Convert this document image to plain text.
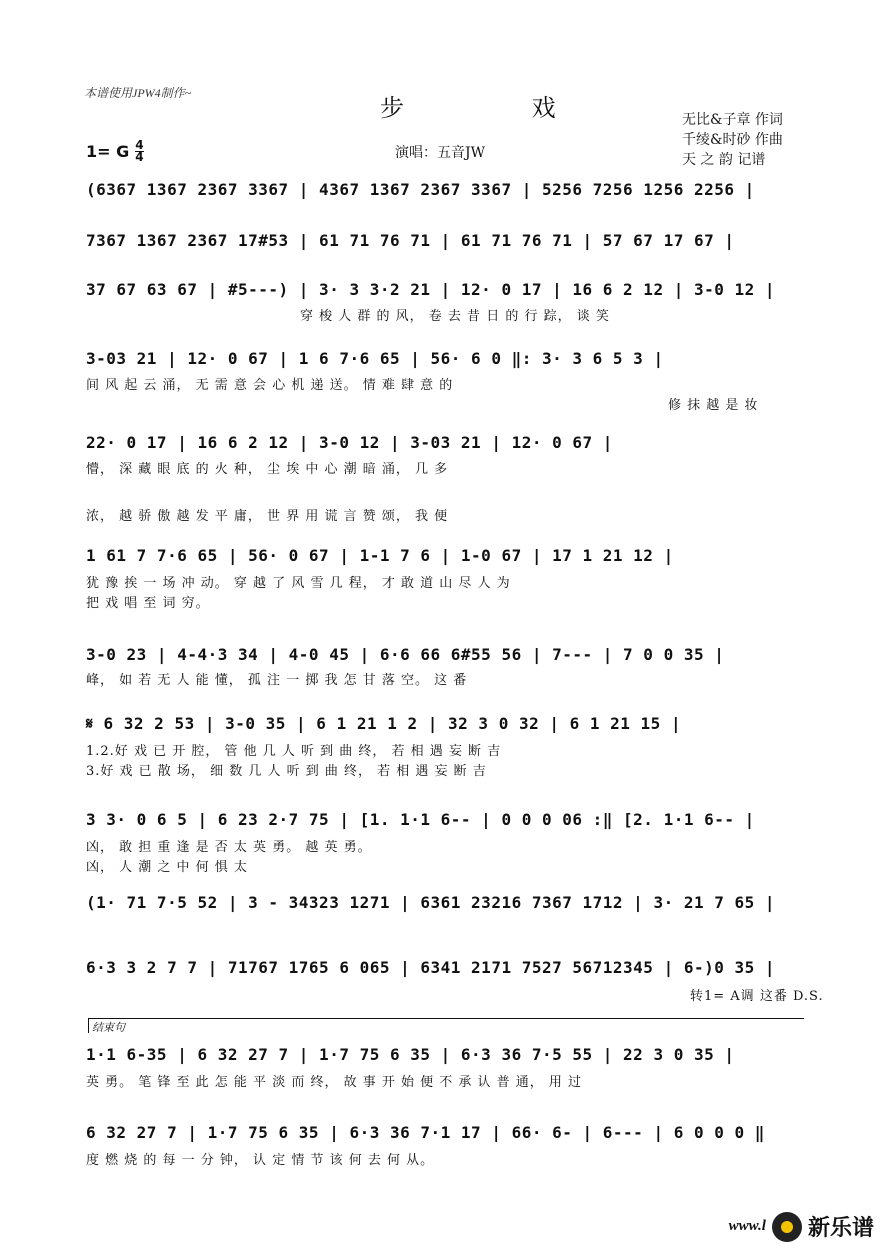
本谱使用JPW4制作~
步 戏	无比&子章 作词
千绫&时砂 作曲
天 之 韵 记谱
1= G 4
4	演唱：五音JW
(6367 1367 2367 3367 | 4367 1367 2367 3367 | 5256 7256 1256 2256 |
7367 1367 2367 17#53 | 61 71 76 71 | 61 71 76 71 | 57 67 17 67 |
37 67 63 67 | #5---) | 3· 3 3·2 21 | 12· 0 17 | 16 6 2 12 | 3-0 12 |
穿 梭 人 群 的 风， 卷 去 昔 日 的 行 踪， 谈 笑
3-03 21 | 12· 0 67 | 1 6 7·6 65 | 56· 6 0 ‖: 3· 3 6 5 3 |
间 风 起 云 涌， 无 需 意 会 心 机 递 送。 情 难 肆 意 的
修 抹 越 是 妆
22· 0 17 | 16 6 2 12 | 3-0 12 | 3-03 21 | 12· 0 67 |
懵， 深 藏 眼 底 的 火 种， 尘 埃 中 心 潮 暗 涌， 几 多
浓， 越 骄 傲 越 发 平 庸， 世 界 用 谎 言 赞 颂， 我 便
1 61 7 7·6 65 | 56· 0 67 | 1-1 7 6 | 1-0 67 | 17 1 21 12 |
犹 豫 挨 一 场 冲 动。 穿 越 了 风 雪 几 程， 才 敢 道 山 尽 人 为
把 戏 唱 至 词 穷。
3-0 23 | 4-4·3 34 | 4-0 45 | 6·6 66 6#55 56 | 7--- | 7 0 0 35 |
峰， 如 若 无 人 能 懂， 孤 注 一 掷 我 怎 甘 落 空。 这 番
𝄋 6 32 2 53 | 3-0 35 | 6 1 21 1 2 | 32 3 0 32 | 6 1 21 15 |
1.2.好 戏 已 开 腔， 管 他 几 人 听 到 曲 终， 若 相 遇 妄 断 吉
3.好 戏 已 散 场， 细 数 几 人 听 到 曲 终， 若 相 遇 妄 断 吉
3 3· 0 6 5 | 6 23 2·7 75 | [1. 1·1 6-- | 0 0 0 06 :‖ [2. 1·1 6-- |
凶， 敢 担 重 逢 是 否 太 英 勇。 越 英 勇。
凶， 人 潮 之 中 何 惧 太
(1· 71 7·5 52 | 3 - 34323 1271 | 6361 23216 7367 1712 | 3· 21 7 65 |
6·3 3 2 7 7 | 71767 1765 6 065 | 6341 2171 7527 56712345 | 6-)0 35 |
转1= A调 这番 D.S.
结束句
1·1 6-35 | 6 32 27 7 | 1·7 75 6 35 | 6·3 36 7·5 55 | 22 3 0 35 |
英 勇。 笔 锋 至 此 怎 能 平 淡 而 终， 故 事 开 始 便 不 承 认 普 通， 用 过
6 32 27 7 | 1·7 75 6 35 | 6·3 36 7·1 17 | 66· 6- | 6--- | 6 0 0 0 ‖
度 燃 烧 的 每 一 分 钟， 认 定 情 节 该 何 去 何 从。
www.l 新乐谱
